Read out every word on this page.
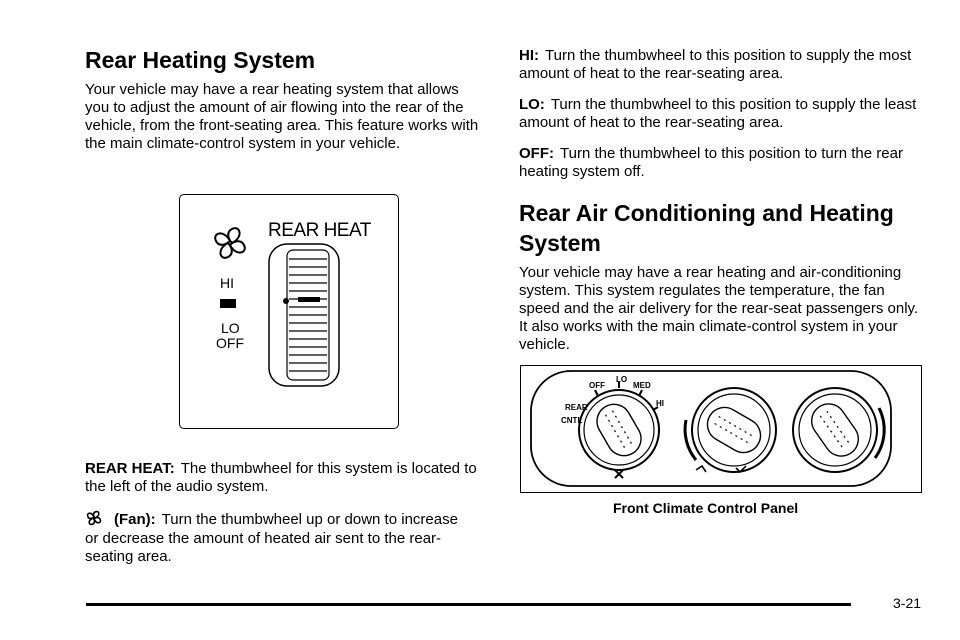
Rear Heating System

Your vehicle may have a rear heating system that allows you to adjust the amount of air flowing into the rear of the vehicle, from the front-seating area. This feature works with the main climate-control system in your vehicle.

REAR HEAT
HI
LO
OFF

REAR HEAT: The thumbwheel for this system is located to the left of the audio system.

(Fan): Turn the thumbwheel up or down to increase

or decrease the amount of heated air sent to the rear-seating area.

HI: Turn the thumbwheel to this position to supply the most amount of heat to the rear-seating area.

LO: Turn the thumbwheel to this position to supply the least amount of heat to the rear-seating area.

OFF: Turn the thumbwheel to this position to turn the rear heating system off.

Rear Air Conditioning and Heating System

Your vehicle may have a rear heating and air-conditioning system. This system regulates the temperature, the fan speed and the air delivery for the rear-seat passengers only. It also works with the main climate-control system in your vehicle.

OFF
LO
MED
HI
REAR
CNTL
Front Climate Control Panel
3-21
